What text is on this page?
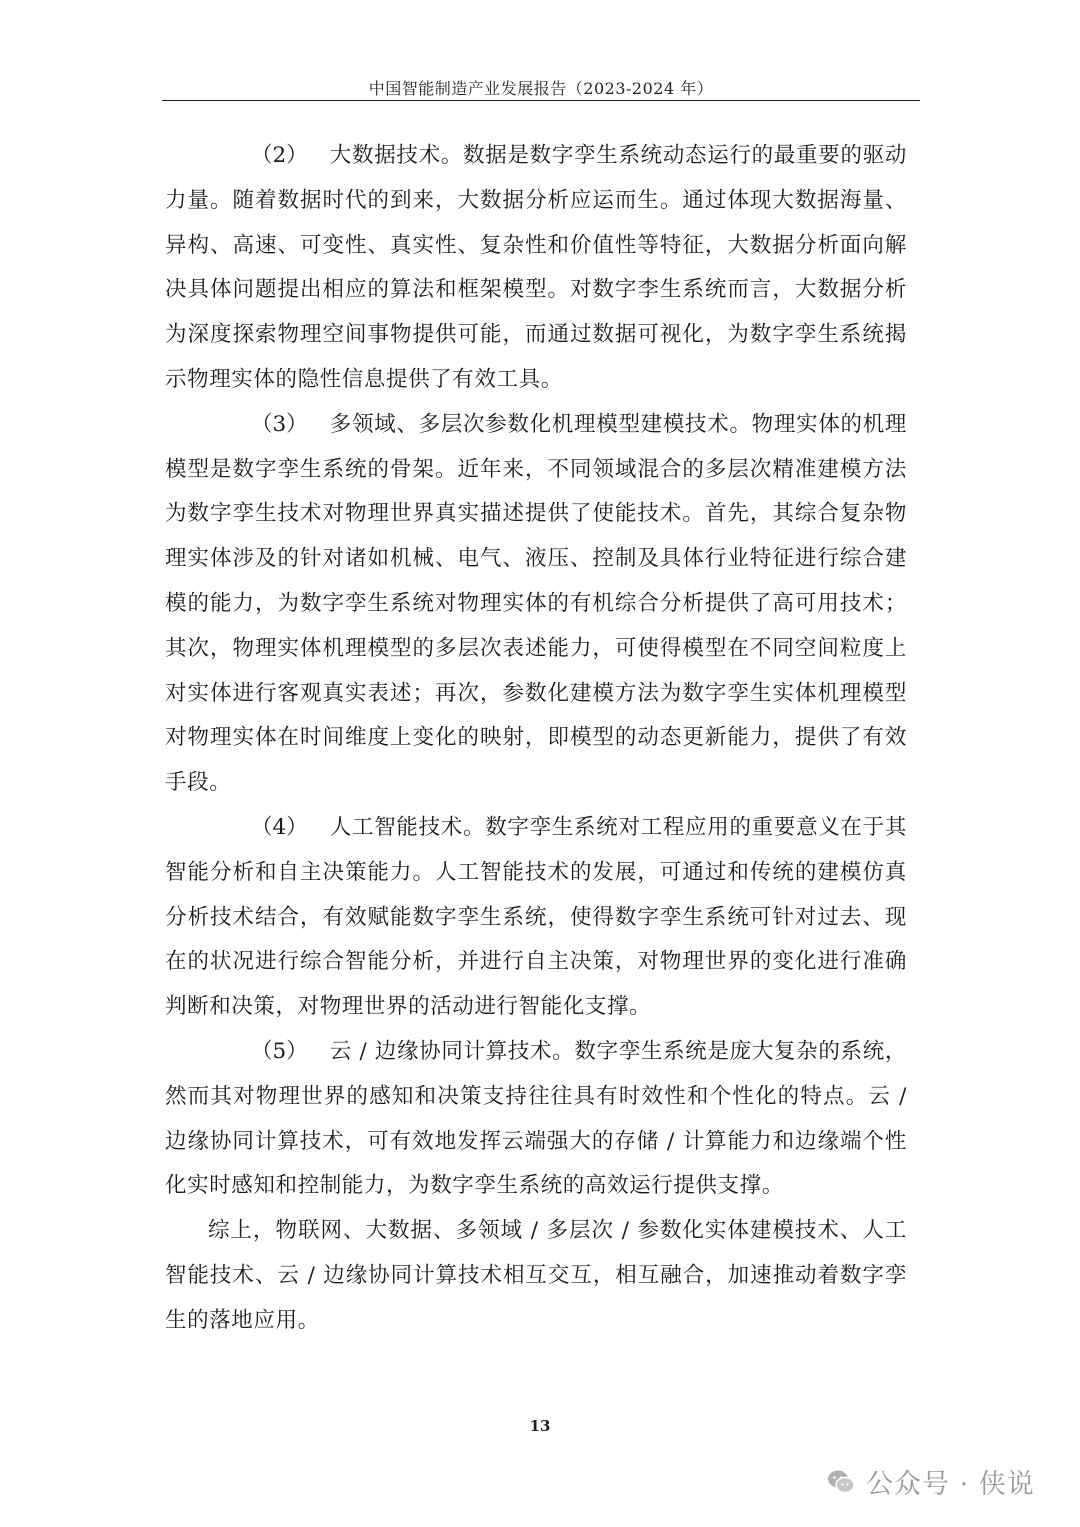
中国智能制造产业发展报告（2023-2024 年）

（2） 大数据技术。数据是数字孪生系统动态运行的最重要的驱动力量。随着数据时代的到来，大数据分析应运而生。通过体现大数据海量、异构、高速、可变性、真实性、复杂性和价值性等特征，大数据分析面向解决具体问题提出相应的算法和框架模型。对数字李生系统而言，大数据分析为深度探索物理空间事物提供可能，而通过数据可视化，为数字孪生系统揭示物理实体的隐性信息提供了有效工具。

（3） 多领域、多层次参数化机理模型建模技术。物理实体的机理模型是数字孪生系统的骨架。近年来，不同领域混合的多层次精准建模方法为数字孪生技术对物理世界真实描述提供了使能技术。首先，其综合复杂物理实体涉及的针对诸如机械、电气、液压、控制及具体行业特征进行综合建模的能力，为数字孪生系统对物理实体的有机综合分析提供了高可用技术；其次，物理实体机理模型的多层次表述能力，可使得模型在不同空间粒度上对实体进行客观真实表述；再次，参数化建模方法为数字孪生实体机理模型对物理实体在时间维度上变化的映射，即模型的动态更新能力，提供了有效手段。

（4） 人工智能技术。数字孪生系统对工程应用的重要意义在于其智能分析和自主决策能力。人工智能技术的发展，可通过和传统的建模仿真分析技术结合，有效赋能数字孪生系统，使得数字孪生系统可针对过去、现在的状况进行综合智能分析，并进行自主决策，对物理世界的变化进行准确判断和决策，对物理世界的活动进行智能化支撑。

（5） 云 / 边缘协同计算技术。数字孪生系统是庞大复杂的系统，然而其对物理世界的感知和决策支持往往具有时效性和个性化的特点。云 / 边缘协同计算技术，可有效地发挥云端强大的存储 / 计算能力和边缘端个性化实时感知和控制能力，为数字孪生系统的高效运行提供支撑。

综上，物联网、大数据、多领域 / 多层次 / 参数化实体建模技术、人工智能技术、云 / 边缘协同计算技术相互交互，相互融合，加速推动着数字孪生的落地应用。

13
公众号 · 侠说
